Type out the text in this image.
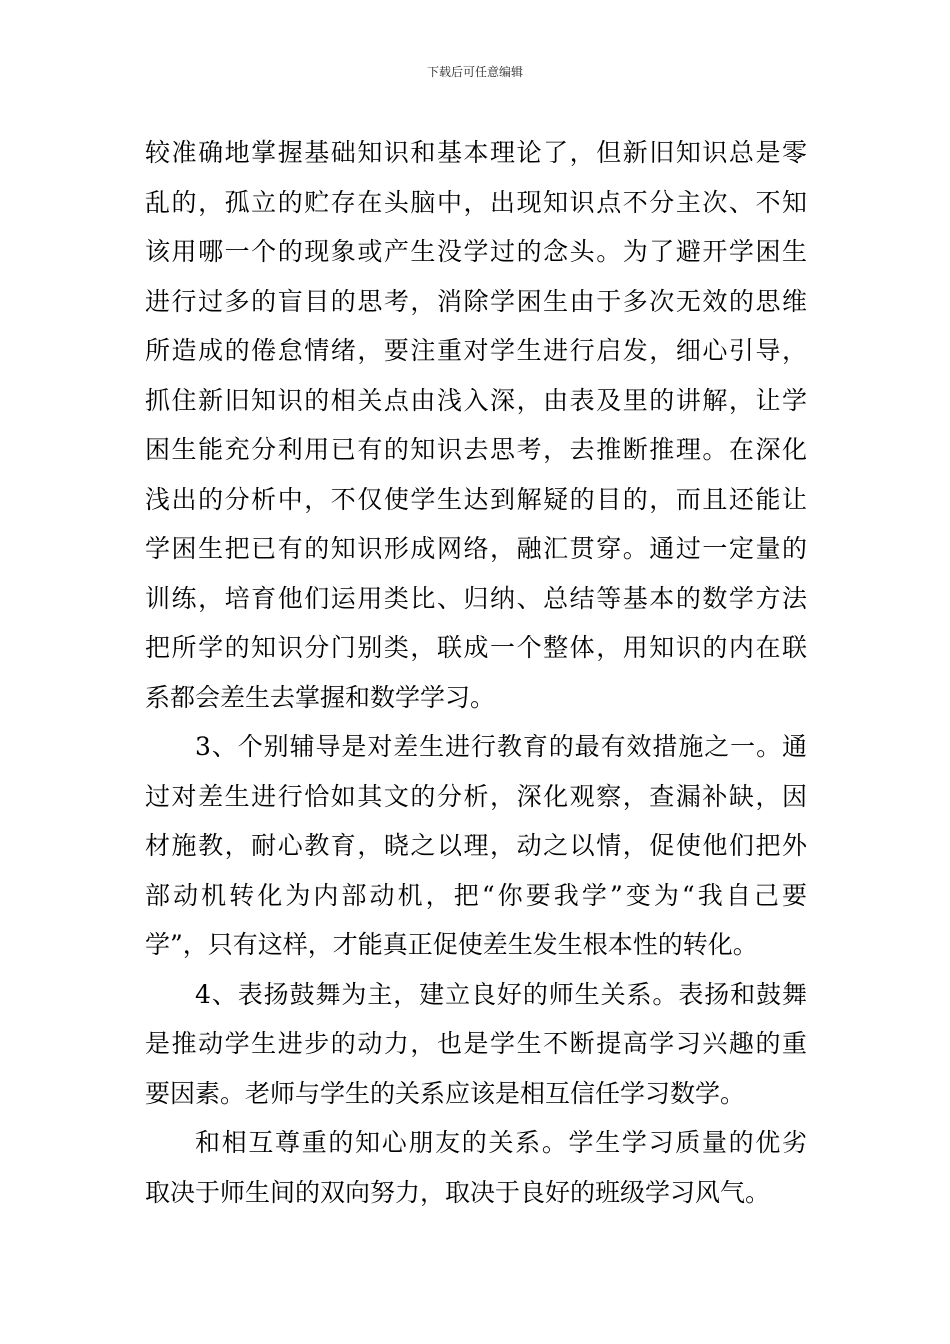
下载后可任意编辑
较准确地掌握基础知识和基本理论了，但新旧知识总是零
乱的，孤立的贮存在头脑中，出现知识点不分主次、不知
该用哪一个的现象或产生没学过的念头。为了避开学困生
进行过多的盲目的思考，消除学困生由于多次无效的思维
所造成的倦怠情绪，要注重对学生进行启发，细心引导，
抓住新旧知识的相关点由浅入深，由表及里的讲解，让学
困生能充分利用已有的知识去思考，去推断推理。在深化
浅出的分析中，不仅使学生达到解疑的目的，而且还能让
学困生把已有的知识形成网络，融汇贯穿。通过一定量的
训练，培育他们运用类比、归纳、总结等基本的数学方法
把所学的知识分门别类，联成一个整体，用知识的内在联
系都会差生去掌握和数学学习。
3、个别辅导是对差生进行教育的最有效措施之一。通
过对差生进行恰如其文的分析，深化观察，查漏补缺，因
材施教，耐心教育，晓之以理，动之以情，促使他们把外
部动机转化为内部动机，把“你要我学”变为“我自己要
学”，只有这样，才能真正促使差生发生根本性的转化。
4、表扬鼓舞为主，建立良好的师生关系。表扬和鼓舞
是推动学生进步的动力，也是学生不断提高学习兴趣的重
要因素。老师与学生的关系应该是相互信任学习数学。
和相互尊重的知心朋友的关系。学生学习质量的优劣
取决于师生间的双向努力，取决于良好的班级学习风气。
